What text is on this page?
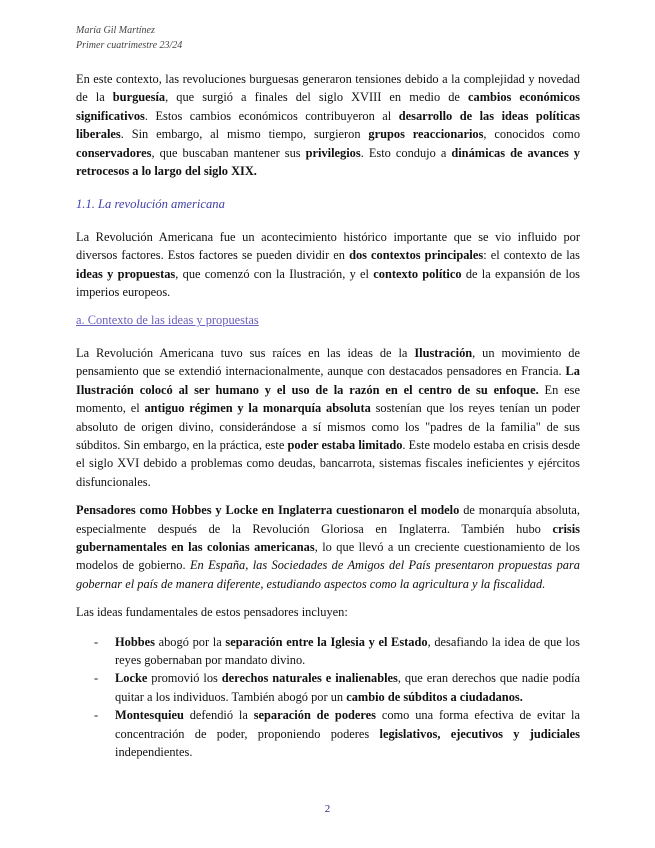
María Gil Martínez
Primer cuatrimestre 23/24

En este contexto, las revoluciones burguesas generaron tensiones debido a la complejidad y novedad de la burguesía, que surgió a finales del siglo XVIII en medio de cambios económicos significativos. Estos cambios económicos contribuyeron al desarrollo de las ideas políticas liberales. Sin embargo, al mismo tiempo, surgieron grupos reaccionarios, conocidos como conservadores, que buscaban mantener sus privilegios. Esto condujo a dinámicas de avances y retrocesos a lo largo del siglo XIX.

1.1. La revolución americana

La Revolución Americana fue un acontecimiento histórico importante que se vio influido por diversos factores. Estos factores se pueden dividir en dos contextos principales: el contexto de las ideas y propuestas, que comenzó con la Ilustración, y el contexto político de la expansión de los imperios europeos.

a. Contexto de las ideas y propuestas

La Revolución Americana tuvo sus raíces en las ideas de la Ilustración, un movimiento de pensamiento que se extendió internacionalmente, aunque con destacados pensadores en Francia. La Ilustración colocó al ser humano y el uso de la razón en el centro de su enfoque. En ese momento, el antiguo régimen y la monarquía absoluta sostenían que los reyes tenían un poder absoluto de origen divino, considerándose a sí mismos como los "padres de la familia" de sus súbditos. Sin embargo, en la práctica, este poder estaba limitado. Este modelo estaba en crisis desde el siglo XVI debido a problemas como deudas, bancarrota, sistemas fiscales ineficientes y ejércitos disfuncionales.

Pensadores como Hobbes y Locke en Inglaterra cuestionaron el modelo de monarquía absoluta, especialmente después de la Revolución Gloriosa en Inglaterra. También hubo crisis gubernamentales en las colonias americanas, lo que llevó a un creciente cuestionamiento de los modelos de gobierno. En España, las Sociedades de Amigos del País presentaron propuestas para gobernar el país de manera diferente, estudiando aspectos como la agricultura y la fiscalidad.

Las ideas fundamentales de estos pensadores incluyen:

- Hobbes abogó por la separación entre la Iglesia y el Estado, desafiando la idea de que los reyes gobernaban por mandato divino.
- Locke promovió los derechos naturales e inalienables, que eran derechos que nadie podía quitar a los individuos. También abogó por un cambio de súbditos a ciudadanos.
- Montesquieu defendió la separación de poderes como una forma efectiva de evitar la concentración de poder, proponiendo poderes legislativos, ejecutivos y judiciales independientes.
2
